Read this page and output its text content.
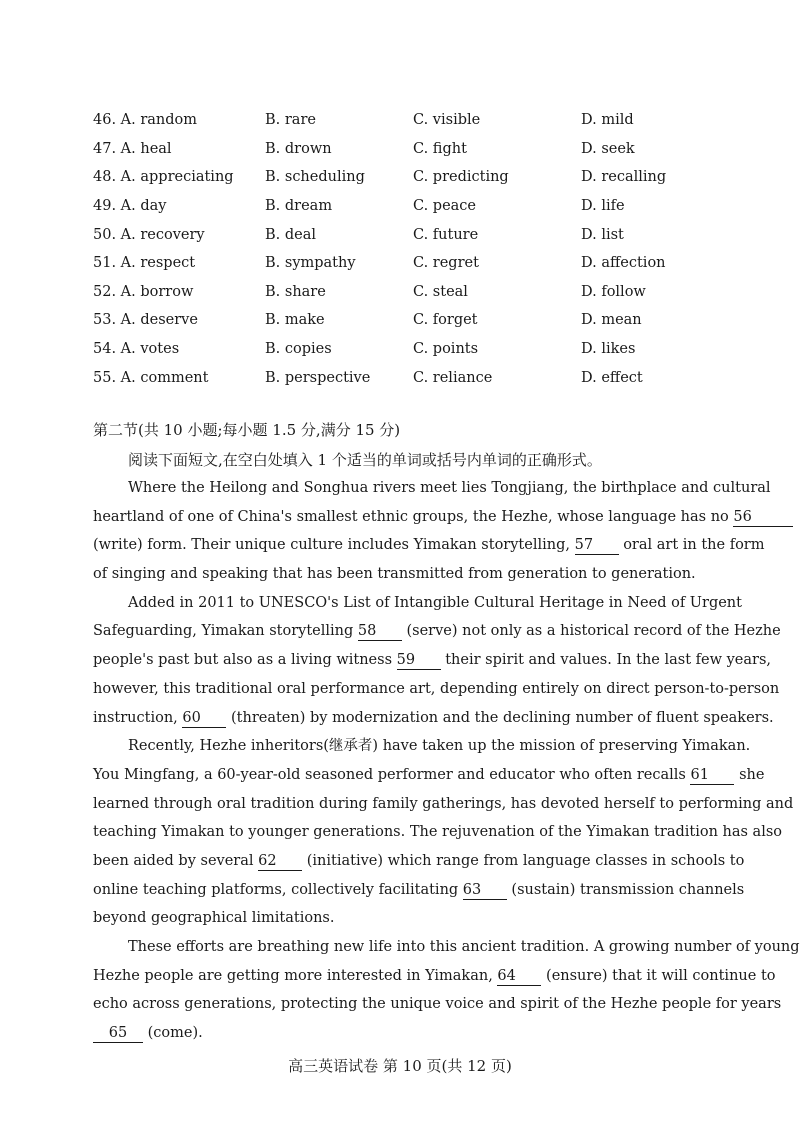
46. A. random	B. rare	C. visible	D. mild
47. A. heal	B. drown	C. fight	D. seek
48. A. appreciating	B. scheduling	C. predicting	D. recalling
49. A. day	B. dream	C. peace	D. life
50. A. recovery	B. deal	C. future	D. list
51. A. respect	B. sympathy	C. regret	D. affection
52. A. borrow	B. share	C. steal	D. follow
53. A. deserve	B. make	C. forget	D. mean
54. A. votes	B. copies	C. points	D. likes
55. A. comment	B. perspective	C. reliance	D. effect
第二节(共 10 小题;每小题 1.5 分,满分 15 分)
阅读下面短文,在空白处填入 1 个适当的单词或括号内单词的正确形式。
Where the Heilong and Songhua rivers meet lies Tongjiang, the birthplace and cultural
heartland of one of China's smallest ethnic groups, the Hezhe, whose language has no 56
(write) form. Their unique culture includes Yimakan storytelling, 57 oral art in the form
of singing and speaking that has been transmitted from generation to generation.
Added in 2011 to UNESCO's List of Intangible Cultural Heritage in Need of Urgent
Safeguarding, Yimakan storytelling 58 (serve) not only as a historical record of the Hezhe
people's past but also as a living witness 59 their spirit and values. In the last few years,
however, this traditional oral performance art, depending entirely on direct person-to-person
instruction, 60 (threaten) by modernization and the declining number of fluent speakers.
Recently, Hezhe inheritors(继承者) have taken up the mission of preserving Yimakan.
You Mingfang, a 60-year-old seasoned performer and educator who often recalls 61 she
learned through oral tradition during family gatherings, has devoted herself to performing and
teaching Yimakan to younger generations. The rejuvenation of the Yimakan tradition has also
been aided by several 62 (initiative) which range from language classes in schools to
online teaching platforms, collectively facilitating 63 (sustain) transmission channels
beyond geographical limitations.
These efforts are breathing new life into this ancient tradition. A growing number of young
Hezhe people are getting more interested in Yimakan, 64 (ensure) that it will continue to
echo across generations, protecting the unique voice and spirit of the Hezhe people for years
65 (come).
高三英语试卷 第 10 页(共 12 页)
